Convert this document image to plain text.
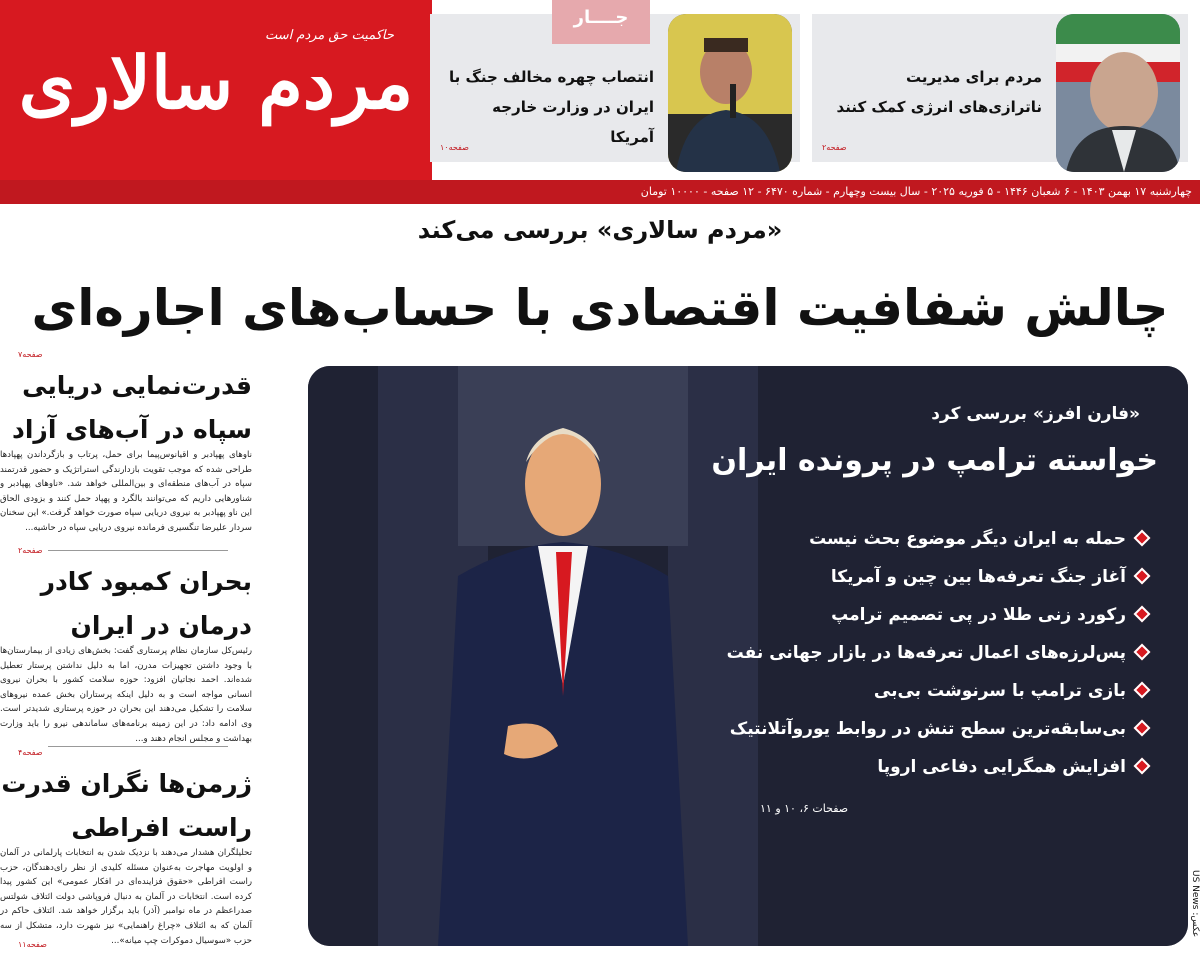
حاکمیت حق مردم است
مردم سالاری	مردم برای مدیریت ناترازی‌های انرژی کمک کنند
صفحه۲
انتصاب چهره مخالف جنگ با ایران در وزارت خارجه آمریکا
صفحه۱۰
جــــار
چهارشنبه ۱۷ بهمن ۱۴۰۳ - ۶ شعبان ۱۴۴۶ - ۵ فوریه ۲۰۲۵ - سال بیست وچهارم - شماره ۶۴۷۰ - ۱۲ صفحه - ۱۰۰۰۰ تومان
«مردم سالاری» بررسی می‌کند
چالش شفافیت اقتصادی با حساب‌های اجاره‌ای
صفحه۷
قدرت‌نمایی دریایی سپاه در آب‌های آزاد
ناوهای پهپادبر و اقیانوس‌پیما برای حمل، پرتاب و بازگرداندن پهپادها طراحی شده که موجب تقویت بازدارندگی استراتژیک و حضور قدرتمند سپاه در آب‌های منطقه‌ای و بین‌المللی خواهد شد. «ناوهای پهپادبر و شناورهایی داریم که می‌توانند بالگرد و پهپاد حمل کنند و بزودی الحاق این ناو پهپادبر به نیروی دریایی سپاه صورت خواهد گرفت.» این سخنان سردار علیرضا تنگسیری فرمانده نیروی دریایی سپاه در حاشیه...
صفحه۲
بحران کمبود کادر درمان در ایران
رئیس‌کل سازمان نظام پرستاری گفت: بخش‌های زیادی از بیمارستان‌ها با وجود داشتن تجهیزات مدرن، اما به دلیل نداشتن پرستار تعطیل شده‌اند. احمد نجاتیان افزود: حوزه سلامت کشور با بحران نیروی انسانی مواجه است و به دلیل اینکه پرستاران بخش عمده نیروهای سلامت را تشکیل می‌دهند این بحران در حوزه پرستاری شدیدتر است. وی ادامه داد: در این زمینه برنامه‌های ساماندهی نیرو را باید وزارت بهداشت و مجلس انجام دهند و...
صفحه۴
ژرمن‌ها نگران قدرت راست افراطی
تحلیلگران هشدار می‌دهند با نزدیک شدن به انتخابات پارلمانی در آلمان و اولویت مهاجرت به‌عنوان مسئله کلیدی از نظر رای‌دهندگان، حزب راست افراطی «حقوق فزاینده‌ای در افکار عمومی» این کشور پیدا کرده است. انتخابات در آلمان به دنبال فروپاشی دولت ائتلاف شولتس صدراعظم در ماه نوامبر (آذر) باید برگزار خواهد شد. ائتلاف حاکم در آلمان که به ائتلاف «چراغ راهنمایی» نیز شهرت دارد، متشکل از سه حزب «سوسیال دموکرات چپ میانه»...
صفحه۱۱
«فارن افرز» بررسی کرد
خواسته ترامپ در پرونده ایران
حمله به ایران دیگر موضوع بحث نیست
آغاز جنگ تعرفه‌ها بین چین و آمریکا
رکورد زنی طلا در پی تصمیم ترامپ
پس‌لرزه‌های اعمال تعرفه‌ها در بازار جهانی نفت
بازی ترامپ با سرنوشت بی‌بی
بی‌سابقه‌ترین سطح تنش در روابط یوروآتلانتیک
افزایش همگرایی دفاعی اروپا
صفحات ۶، ۱۰ و ۱۱
عکس: US News
